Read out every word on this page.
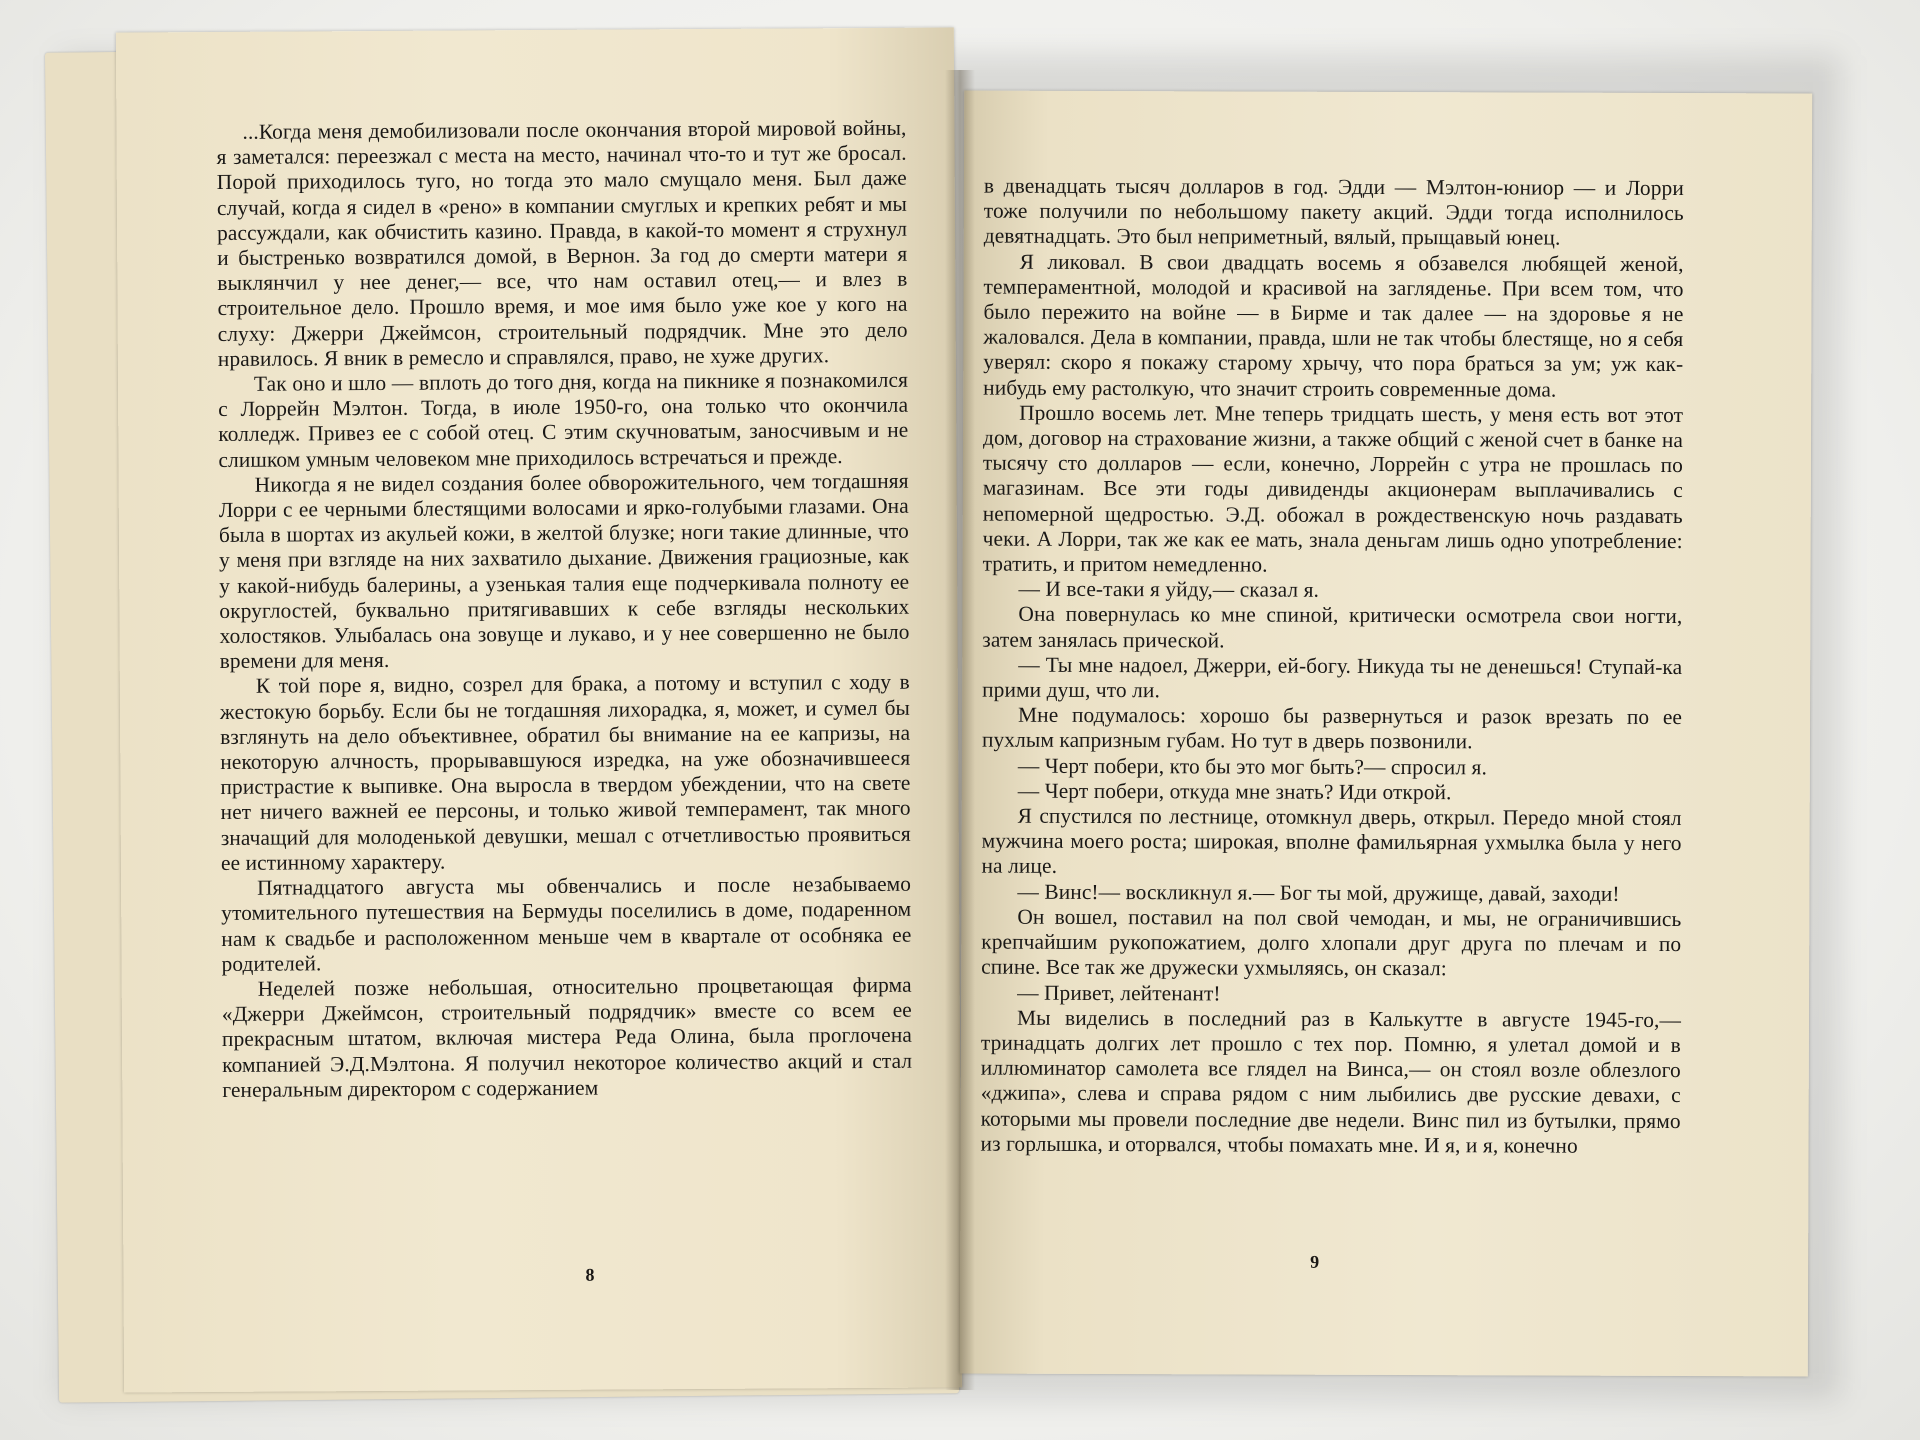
...Когда меня демобилизовали после окончания второй мировой войны, я заметался: переезжал с места на место, начинал что-то и тут же бросал. Порой приходилось туго, но тогда это мало смущало меня. Был даже случай, когда я сидел в «рено» в компании смуглых и крепких ребят и мы рассуждали, как обчистить казино. Правда, в какой-то момент я струхнул и быстренько возвратился домой, в Вернон. За год до смерти матери я выклянчил у нее денег,— все, что нам оставил отец,— и влез в строительное дело. Прошло время, и мое имя было уже кое у кого на слуху: Джерри Джеймсон, строительный подрядчик. Мне это дело нравилось. Я вник в ремесло и справлялся, право, не хуже других.

Так оно и шло — вплоть до того дня, когда на пикнике я познакомился с Лоррейн Мэлтон. Тогда, в июле 1950-го, она только что окончила колледж. Привез ее с собой отец. С этим скучноватым, заносчивым и не слишком умным человеком мне приходилось встречаться и прежде.

Никогда я не видел создания более обворожительного, чем тогдашняя Лорри с ее черными блестящими волосами и ярко-голубыми глазами. Она была в шортах из акульей кожи, в желтой блузке; ноги такие длинные, что у меня при взгляде на них захватило дыхание. Движения грациозные, как у какой-нибудь балерины, а узенькая талия еще подчеркивала полноту ее округлостей, буквально притягивавших к себе взгляды нескольких холостяков. Улыбалась она зовуще и лукаво, и у нее совершенно не было времени для меня.

К той поре я, видно, созрел для брака, а потому и вступил с ходу в жестокую борьбу. Если бы не тогдашняя лихорадка, я, может, и сумел бы взглянуть на дело объективнее, обратил бы внимание на ее капризы, на некоторую алчность, прорывавшуюся изредка, на уже обозначившееся пристрастие к выпивке. Она выросла в твердом убеждении, что на свете нет ничего важней ее персоны, и только живой темперамент, так много значащий для молоденькой девушки, мешал с отчетливостью проявиться ее истинному характеру.

Пятнадцатого августа мы обвенчались и после незабываемо утомительного путешествия на Бермуды поселились в доме, подаренном нам к свадьбе и расположенном меньше чем в квартале от особняка ее родителей.

Неделей позже небольшая, относительно процветающая фирма «Джерри Джеймсон, строительный подрядчик» вместе со всем ее прекрасным штатом, включая мистера Реда Олина, была проглочена компанией Э.Д.Мэлтона. Я получил некоторое количество акций и стал генеральным директором с содержанием

8

в двенадцать тысяч долларов в год. Эдди — Мэлтон-юниор — и Лорри тоже получили по небольшому пакету акций. Эдди тогда исполнилось девятнадцать. Это был неприметный, вялый, прыщавый юнец.

Я ликовал. В свои двадцать восемь я обзавелся любящей женой, темпераментной, молодой и красивой на загляденье. При всем том, что было пережито на войне — в Бирме и так далее — на здоровье я не жаловался. Дела в компании, правда, шли не так чтобы блестяще, но я себя уверял: скоро я покажу старому хрычу, что пора браться за ум; уж как-нибудь ему растолкую, что значит строить современные дома.

Прошло восемь лет. Мне теперь тридцать шесть, у меня есть вот этот дом, договор на страхование жизни, а также общий с женой счет в банке на тысячу сто долларов — если, конечно, Лоррейн с утра не прошлась по магазинам. Все эти годы дивиденды акционерам выплачивались с непомерной щедростью. Э.Д. обожал в рождественскую ночь раздавать чеки. А Лорри, так же как ее мать, знала деньгам лишь одно употребление: тратить, и притом немедленно.

— И все-таки я уйду,— сказал я.

Она повернулась ко мне спиной, критически осмотрела свои ногти, затем занялась прической.

— Ты мне надоел, Джерри, ей-богу. Никуда ты не денешься! Ступай-ка прими душ, что ли.

Мне подумалось: хорошо бы развернуться и разок врезать по ее пухлым капризным губам. Но тут в дверь позвонили.

— Черт побери, кто бы это мог быть?— спросил я.

— Черт побери, откуда мне знать? Иди открой.

Я спустился по лестнице, отомкнул дверь, открыл. Передо мной стоял мужчина моего роста; широкая, вполне фамильярная ухмылка была у него на лице.

— Винс!— воскликнул я.— Бог ты мой, дружище, давай, заходи!

Он вошел, поставил на пол свой чемодан, и мы, не ограничившись крепчайшим рукопожатием, долго хлопали друг друга по плечам и по спине. Все так же дружески ухмыляясь, он сказал:

— Привет, лейтенант!

Мы виделись в последний раз в Калькутте в августе 1945-го,— тринадцать долгих лет прошло с тех пор. Помню, я улетал домой и в иллюминатор самолета все глядел на Винса,— он стоял возле облезлого «джипа», слева и справа рядом с ним лыбились две русские девахи, с которыми мы провели последние две недели. Винс пил из бутылки, прямо из горлышка, и оторвался, чтобы помахать мне. И я, и я, конечно

9
